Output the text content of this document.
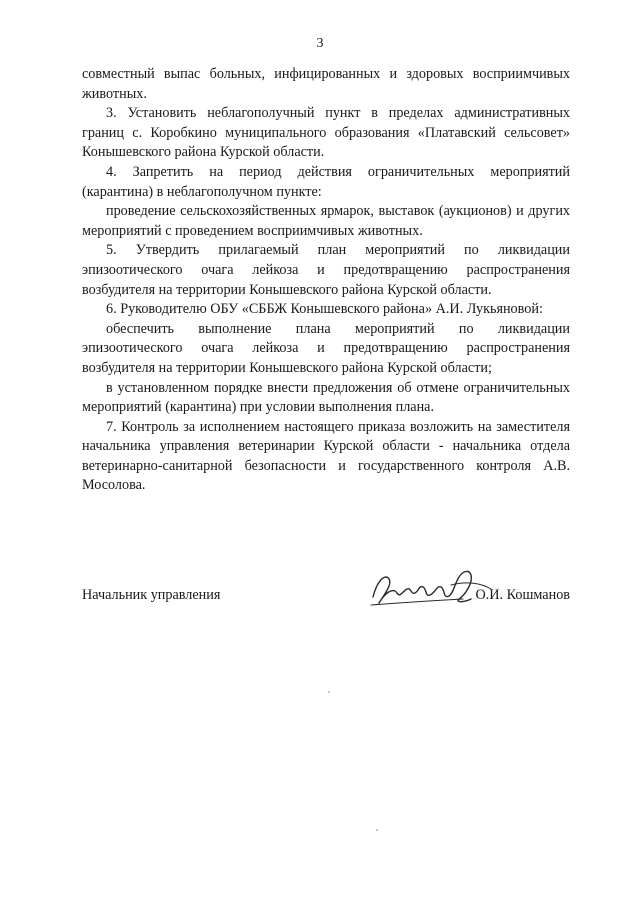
3

совместный выпас больных, инфицированных и здоровых восприимчивых животных.

3. Установить неблагополучный пункт в пределах административных границ с. Коробкино муниципального образования «Платавский сельсовет» Конышевского района Курской области.

4. Запретить на период действия ограничительных мероприятий (карантина) в неблагополучном пункте:

проведение сельскохозяйственных ярмарок, выставок (аукционов) и других мероприятий с проведением восприимчивых животных.

5. Утвердить прилагаемый план мероприятий по ликвидации эпизоотического очага лейкоза и предотвращению распространения возбудителя на территории Конышевского района Курской области.

6. Руководителю ОБУ «СББЖ Конышевского района» А.И. Лукьяновой:

обеспечить выполнение плана мероприятий по ликвидации эпизоотического очага лейкоза и предотвращению распространения возбудителя на территории Конышевского района Курской области;

в установленном порядке внести предложения об отмене ограничительных мероприятий (карантина) при условии выполнения плана.

7. Контроль за исполнением настоящего приказа возложить на заместителя начальника управления ветеринарии Курской области - начальника отдела ветеринарно-санитарной безопасности и государственного контроля А.В. Мосолова.

Начальник управления	О.И. Кошманов
